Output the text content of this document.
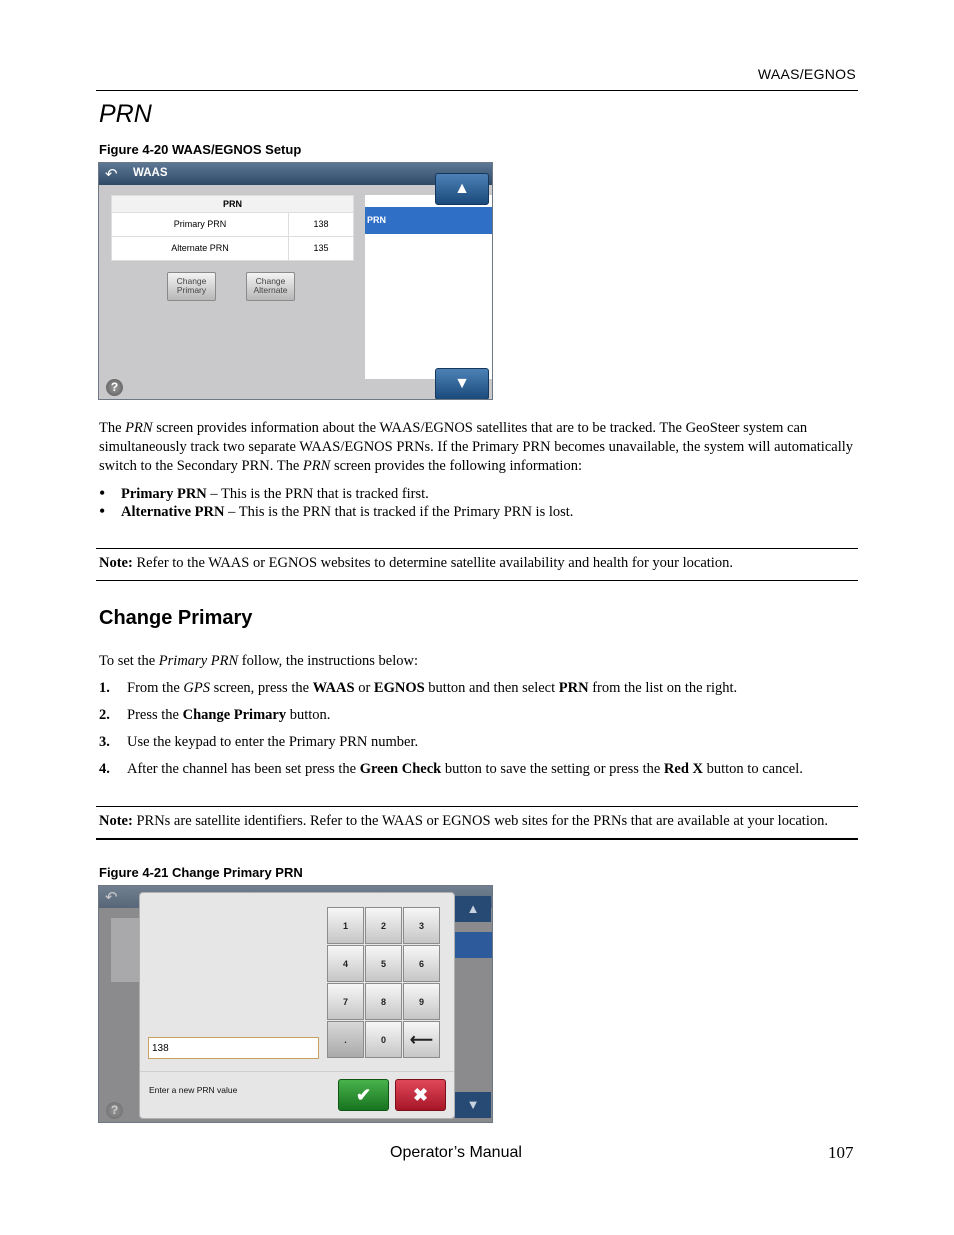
WAAS/EGNOS
PRN
Figure 4-20 WAAS/EGNOS Setup
↶ WAAS
PRN
Primary PRN	138
Alternate PRN	135
Change
Primary
Change
Alternate
PRN
▲
▼
?
The PRN screen provides information about the WAAS/EGNOS satellites that are to be tracked. The GeoSteer system can simultaneously track two separate WAAS/EGNOS PRNs. If the Primary PRN becomes unavailable, the system will automatically switch to the Secondary PRN. The PRN screen provides the following information:
• Primary PRN – This is the PRN that is tracked first.
• Alternative PRN – This is the PRN that is tracked if the Primary PRN is lost.
Note: Refer to the WAAS or EGNOS websites to determine satellite availability and health for your location.
Change Primary
To set the Primary PRN follow, the instructions below:
1. From the GPS screen, press the WAAS or EGNOS button and then select PRN from the list on the right.
2. Press the Change Primary button.
3. Use the keypad to enter the Primary PRN number.
4. After the channel has been set press the Green Check button to save the setting or press the Red X button to cancel.
Note: PRNs are satellite identifiers. Refer to the WAAS or EGNOS web sites for the PRNs that are available at your location.
Figure 4-21 Change Primary PRN
↶
▲
▼
?
1	2	3
4	5	6
7	8	9
.	0	⟵
138
Enter a new PRN value	✔	✖
Operator’s Manual	107
